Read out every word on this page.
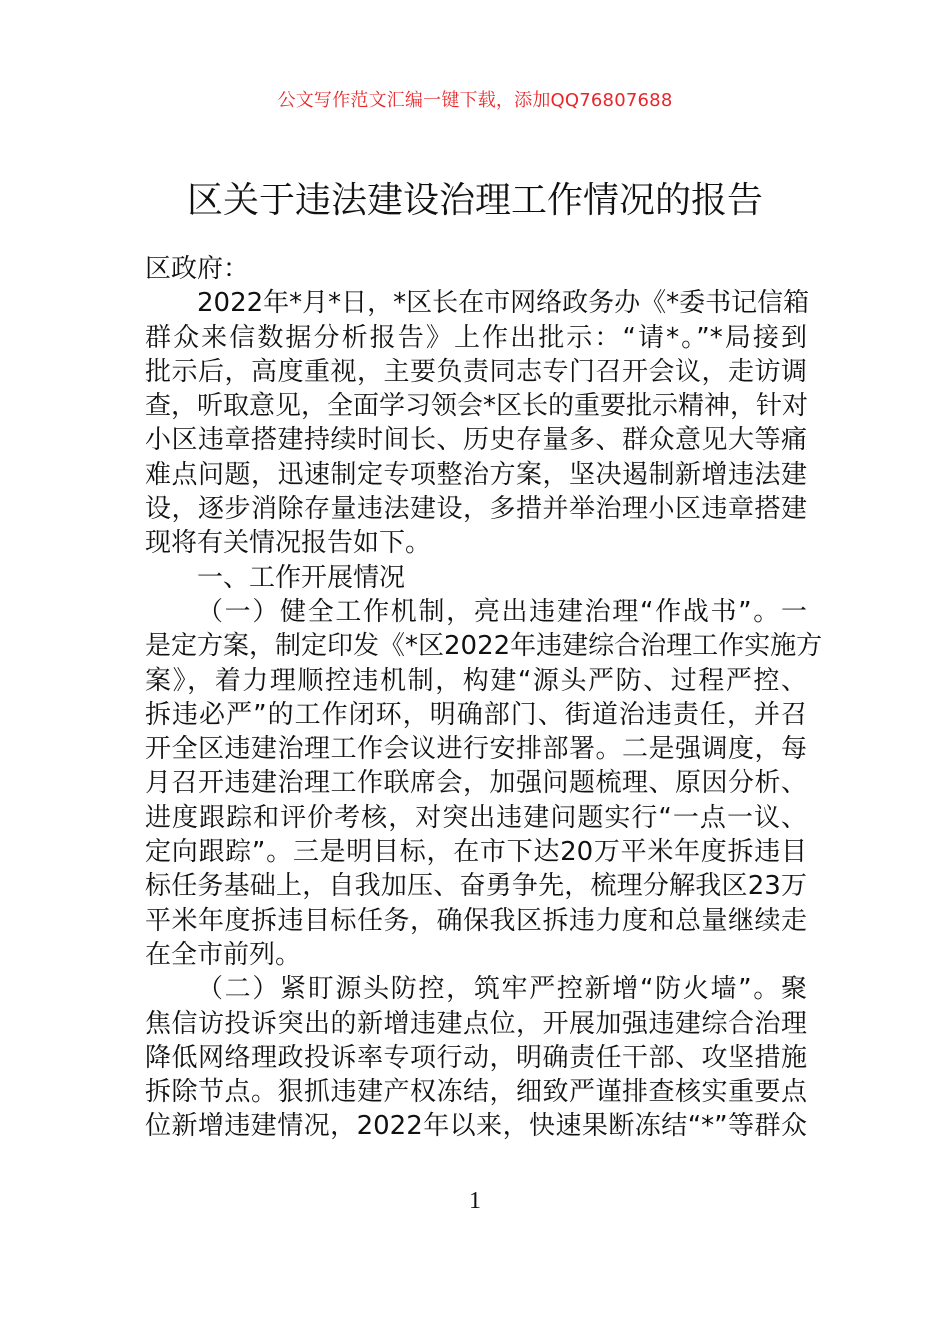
公文写作范文汇编一键下载，添加QQ76807688
区关于违法建设治理工作情况的报告
区政府：
2022年*月*日，*区长在市网络政务办《*委书记信箱
群众来信数据分析报告》上作出批示：“请*。”*局接到
批示后，高度重视，主要负责同志专门召开会议，走访调
查，听取意见，全面学习领会*区长的重要批示精神，针对
小区违章搭建持续时间长、历史存量多、群众意见大等痛
难点问题，迅速制定专项整治方案，坚决遏制新增违法建
设，逐步消除存量违法建设，多措并举治理小区违章搭建
现将有关情况报告如下。
一、工作开展情况
（一）健全工作机制，亮出违建治理“作战书”。一
是定方案，制定印发《*区2022年违建综合治理工作实施方
案》，着力理顺控违机制，构建“源头严防、过程严控、
拆违必严”的工作闭环，明确部门、街道治违责任，并召
开全区违建治理工作会议进行安排部署。二是强调度，每
月召开违建治理工作联席会，加强问题梳理、原因分析、
进度跟踪和评价考核，对突出违建问题实行“一点一议、
定向跟踪”。三是明目标，在市下达20万平米年度拆违目
标任务基础上，自我加压、奋勇争先，梳理分解我区23万
平米年度拆违目标任务，确保我区拆违力度和总量继续走
在全市前列。
（二）紧盯源头防控，筑牢严控新增“防火墙”。聚
焦信访投诉突出的新增违建点位，开展加强违建综合治理
降低网络理政投诉率专项行动，明确责任干部、攻坚措施
拆除节点。狠抓违建产权冻结，细致严谨排查核实重要点
位新增违建情况，2022年以来，快速果断冻结“*”等群众
1
